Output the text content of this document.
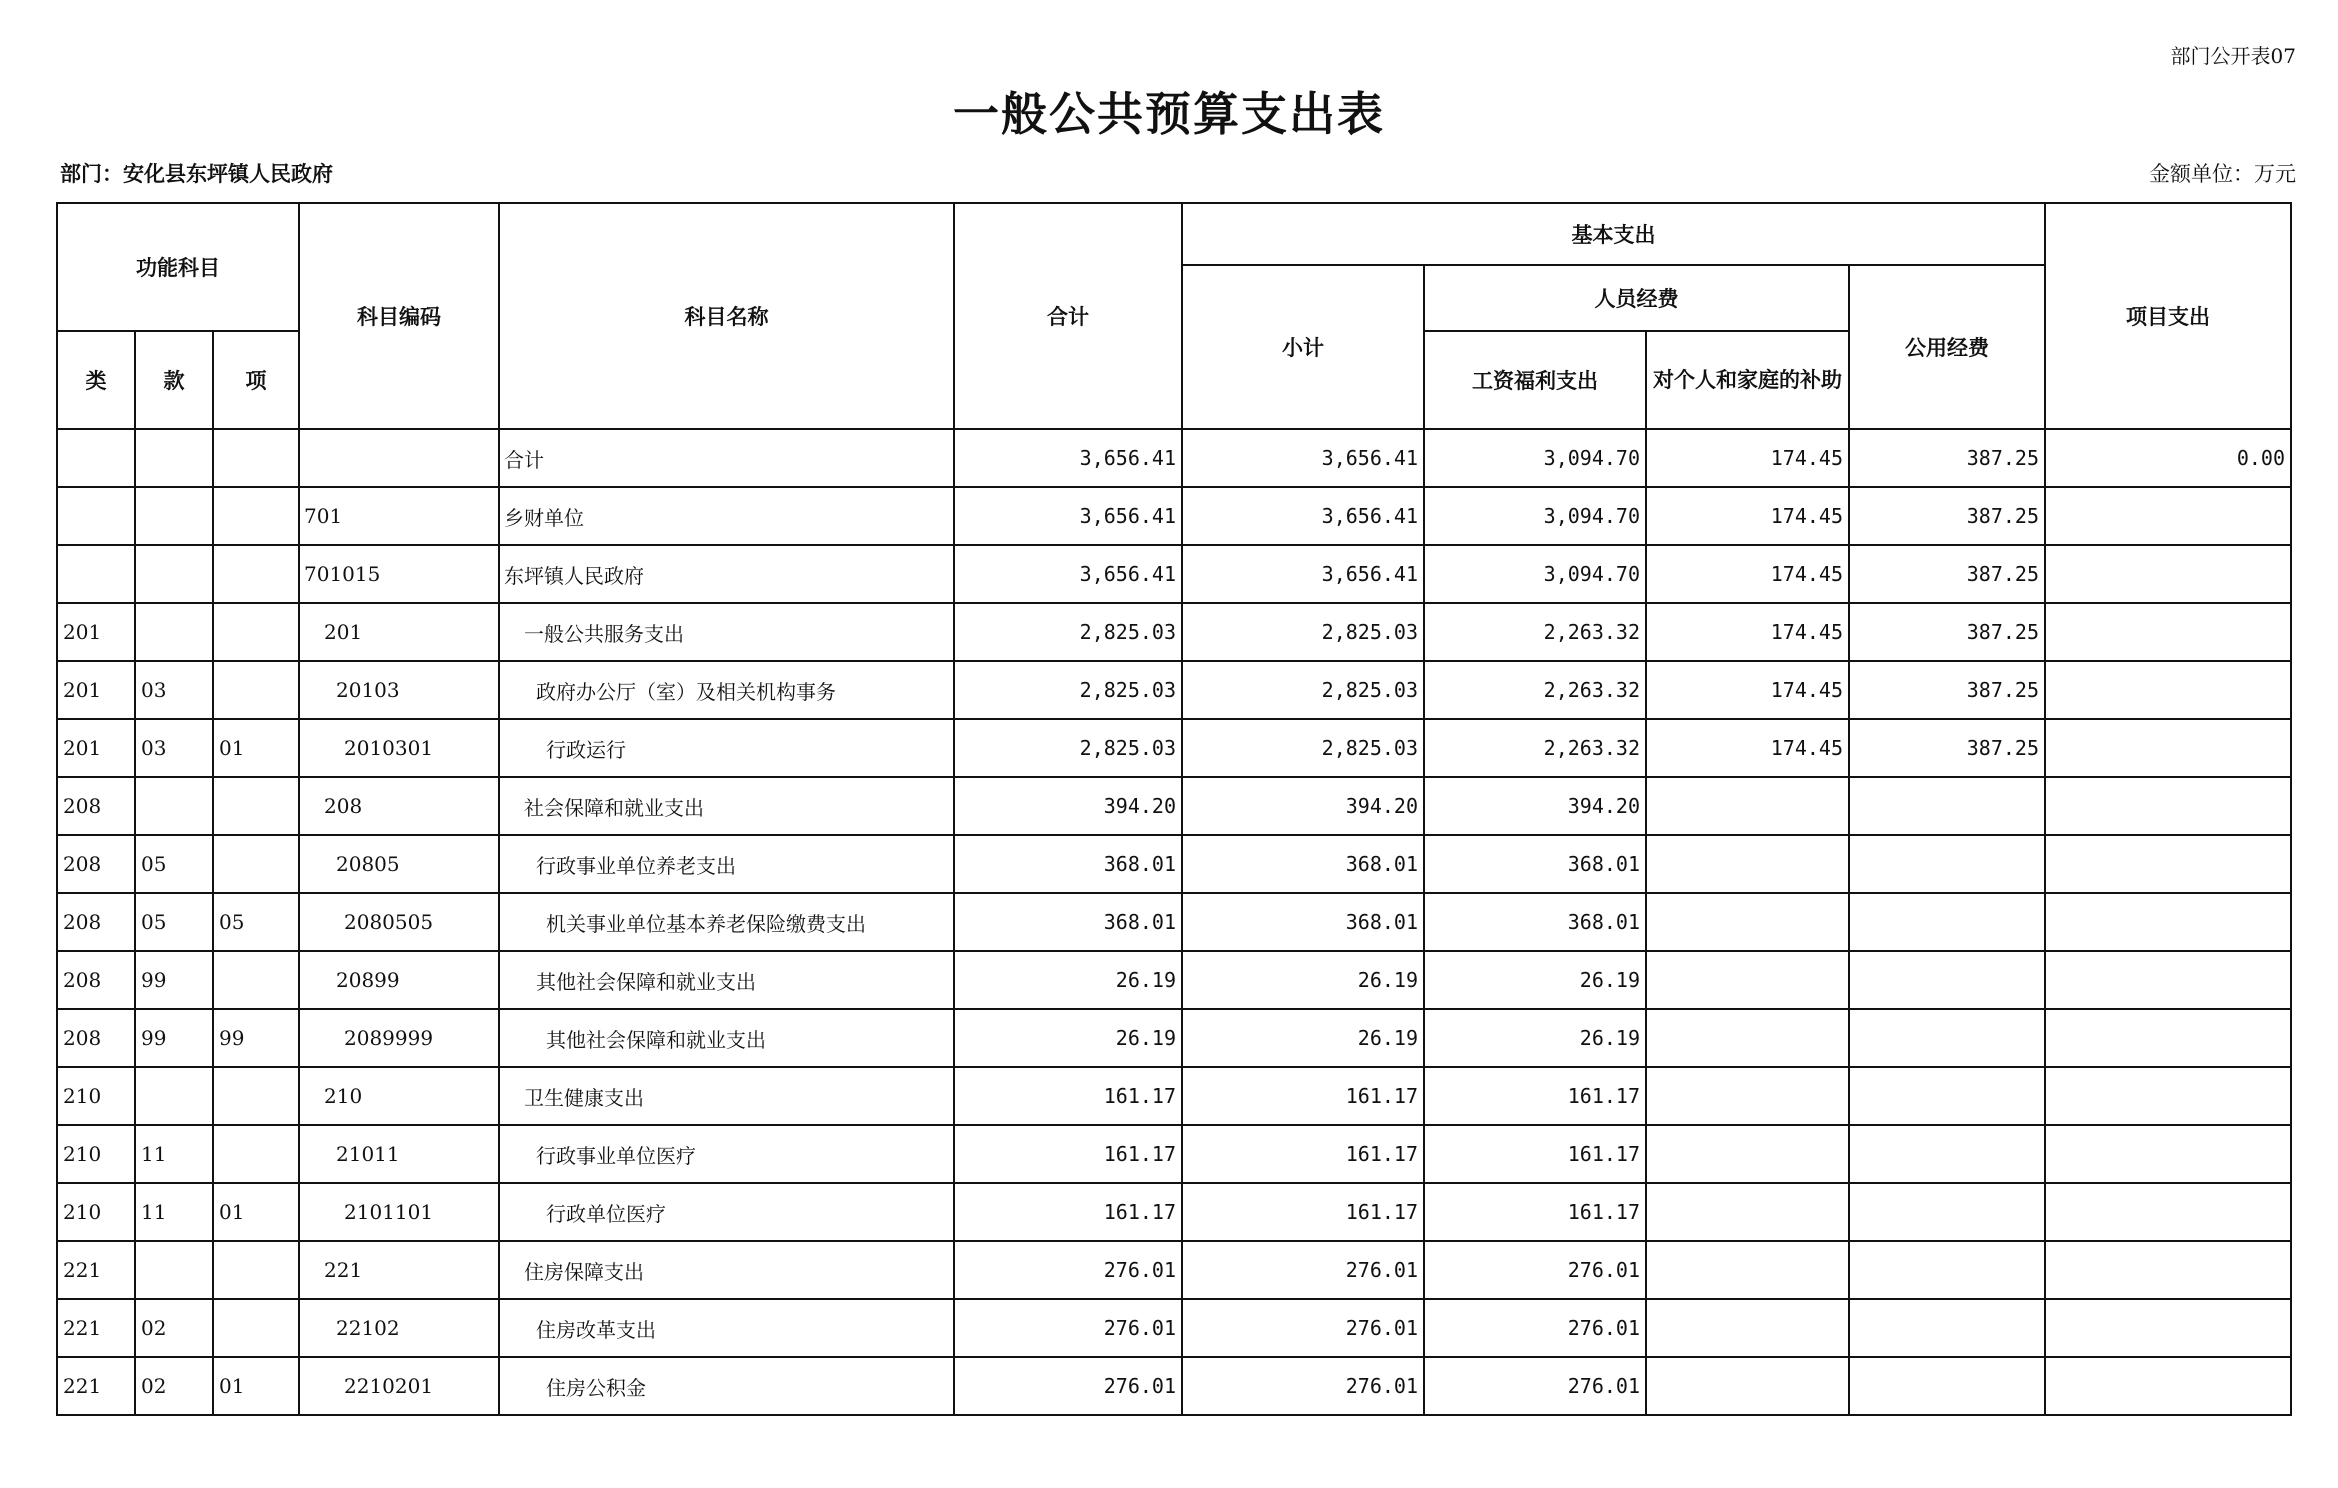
部门公开表07
一般公共预算支出表
部门：安化县东坪镇人民政府	金额单位：万元
功能科目			科目编码	科目名称	合计	基本支出				项目支出
						小计	人员经费		公用经费	
类	款	项					工资福利支出	对个人和家庭的补助		
				合计	3,656.41	3,656.41	3,094.70	174.45	387.25	0.00
			701	乡财单位	3,656.41	3,656.41	3,094.70	174.45	387.25	
			701015	东坪镇人民政府	3,656.41	3,656.41	3,094.70	174.45	387.25	
201			201	一般公共服务支出	2,825.03	2,825.03	2,263.32	174.45	387.25	
201	03		20103	政府办公厅（室）及相关机构事务	2,825.03	2,825.03	2,263.32	174.45	387.25	
201	03	01	2010301	行政运行	2,825.03	2,825.03	2,263.32	174.45	387.25	
208			208	社会保障和就业支出	394.20	394.20	394.20			
208	05		20805	行政事业单位养老支出	368.01	368.01	368.01			
208	05	05	2080505	机关事业单位基本养老保险缴费支出	368.01	368.01	368.01			
208	99		20899	其他社会保障和就业支出	26.19	26.19	26.19			
208	99	99	2089999	其他社会保障和就业支出	26.19	26.19	26.19			
210			210	卫生健康支出	161.17	161.17	161.17			
210	11		21011	行政事业单位医疗	161.17	161.17	161.17			
210	11	01	2101101	行政单位医疗	161.17	161.17	161.17			
221			221	住房保障支出	276.01	276.01	276.01			
221	02		22102	住房改革支出	276.01	276.01	276.01			
221	02	01	2210201	住房公积金	276.01	276.01	276.01			
